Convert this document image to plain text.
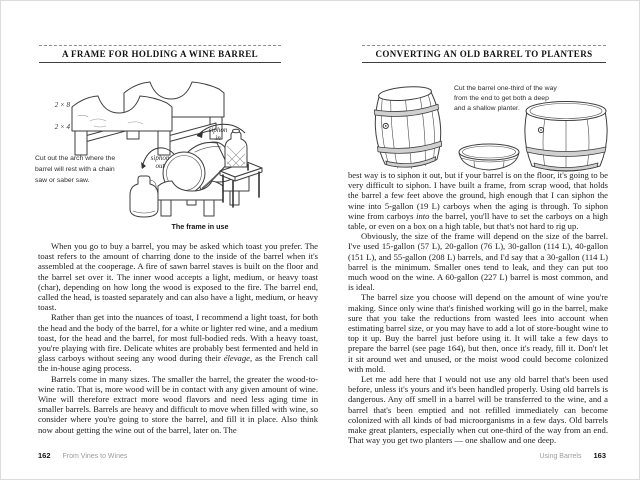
A FRAME FOR HOLDING A WINE BARREL
2 × 8
2 × 4
Cut out the arch where the
barrel will rest with a chain
saw or saber saw.
siphon
in
siphon
out
The frame in use

When you go to buy a barrel, you may be asked which toast you prefer. The toast refers to the amount of charring done to the inside of the barrel when it's assembled at the cooperage. A fire of sawn barrel staves is built on the floor and the barrel set over it. The inner wood accepts a light, medium, or heavy toast (char), depending on how long the wood is exposed to the fire. The barrel end, called the head, is toasted separately and can also have a light, medium, or heavy toast.

Rather than get into the nuances of toast, I recommend a light toast, for both the head and the body of the barrel, for a white or lighter red wine, and a medium toast, for the head and the barrel, for most full-bodied reds. With a heavy toast, you're playing with fire. Delicate whites are probably best fermented and held in glass carboys without seeing any wood during their élevage, as the French call the in-house aging process.

Barrels come in many sizes. The smaller the barrel, the greater the wood-to-wine ratio. That is, more wood will be in contact with any given amount of wine. Wine will therefore extract more wood flavors and need less aging time in smaller barrels. Barrels are heavy and difficult to move when filled with wine, so consider where you're going to store the barrel, and fill it in place. Also think now about getting the wine out of the barrel, later on. The

162 From Vines to Wines
CONVERTING AN OLD BARREL TO PLANTERS
Cut the barrel one-third of the way
from the end to get both a deep
and a shallow planter.

best way is to siphon it out, but if your barrel is on the floor, it's going to be very difficult to siphon. I have built a frame, from scrap wood, that holds the barrel a few feet above the ground, high enough that I can siphon the wine into 5-gallon (19 L) carboys when the aging is through. To siphon wine from carboys into the barrel, you'll have to set the carboys on a high table, or even on a box on a high table, but that's not hard to rig up.

Obviously, the size of the frame will depend on the size of the barrel. I've used 15-gallon (57 L), 20-gallon (76 L), 30-gallon (114 L), 40-gallon (151 L), and 55-gallon (208 L) barrels, and I'd say that a 30-gallon (114 L) barrel is the minimum. Smaller ones tend to leak, and they can put too much wood on the wine. A 60-gallon (227 L) barrel is most common, and is ideal.

The barrel size you choose will depend on the amount of wine you're making. Since only wine that's finished working will go in the barrel, make sure that you take the reductions from wasted lees into account when estimating barrel size, or you may have to add a lot of store-bought wine to top it up. Buy the barrel just before using it. It will take a few days to prepare the barrel (see page 164), but then, once it's ready, fill it. Don't let it sit around wet and unused, or the moist wood could become colonized with mold.

Let me add here that I would not use any old barrel that's been used before, unless it's yours and it's been handled properly. Using old barrels is dangerous. Any off smell in a barrel will be transferred to the wine, and a barrel that's been emptied and not refilled immediately can become colonized with all kinds of bad microorganisms in a few days. Old barrels make great planters, especially when cut one-third of the way from an end. That way you get two planters — one shallow and one deep.

Using Barrels 163
